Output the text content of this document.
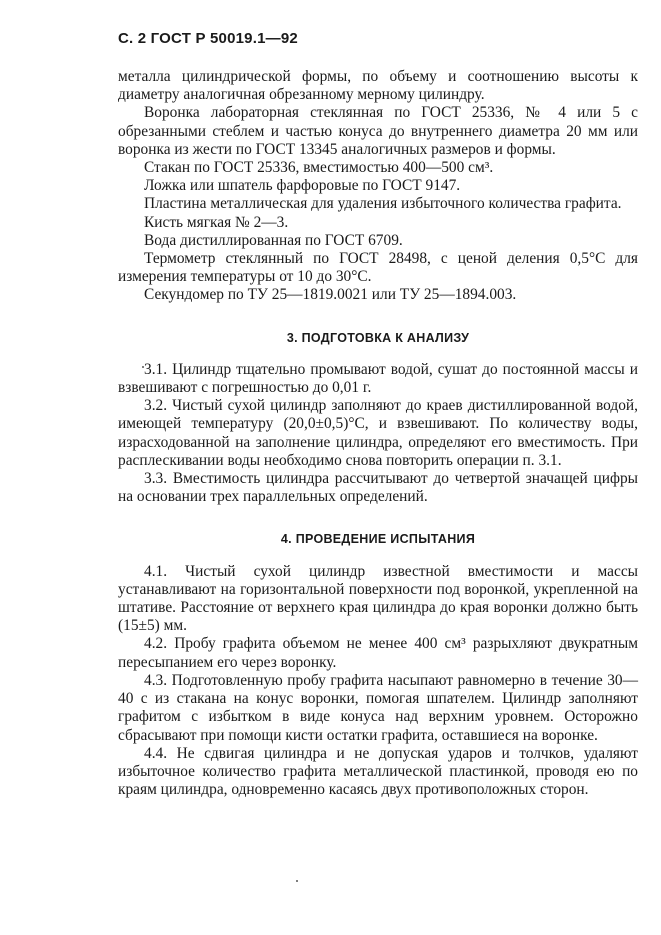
С. 2 ГОСТ Р 50019.1—92

металла цилиндрической формы, по объему и соотношению высоты к диаметру аналогичная обрезанному мерному цилиндру.

Воронка лабораторная стеклянная по ГОСТ 25336, № 4 или 5 с обрезанными стеблем и частью конуса до внутреннего диаметра 20 мм или воронка из жести по ГОСТ 13345 аналогичных размеров и формы.

Стакан по ГОСТ 25336, вместимостью 400—500 см³.

Ложка или шпатель фарфоровые по ГОСТ 9147.

Пластина металлическая для удаления избыточного количества графита.

Кисть мягкая № 2—3.

Вода дистиллированная по ГОСТ 6709.

Термометр стеклянный по ГОСТ 28498, с ценой деления 0,5°С для измерения температуры от 10 до 30°С.

Секундомер по ТУ 25—1819.0021 или ТУ 25—1894.003.

3. ПОДГОТОВКА К АНАЛИЗУ

3.1. Цилиндр тщательно промывают водой, сушат до постоянной массы и взвешивают с погрешностью до 0,01 г.

3.2. Чистый сухой цилиндр заполняют до краев дистиллированной водой, имеющей температуру (20,0±0,5)°С, и взвешивают. По количеству воды, израсходованной на заполнение цилиндра, определяют его вместимость. При расплескивании воды необходимо снова повторить операции п. 3.1.

3.3. Вместимость цилиндра рассчитывают до четвертой значащей цифры на основании трех параллельных определений.

4. ПРОВЕДЕНИЕ ИСПЫТАНИЯ

4.1. Чистый сухой цилиндр известной вместимости и массы устанавливают на горизонтальной поверхности под воронкой, укрепленной на штативе. Расстояние от верхнего края цилиндра до края воронки должно быть (15±5) мм.

4.2. Пробу графита объемом не менее 400 см³ разрыхляют двукратным пересыпанием его через воронку.

4.3. Подготовленную пробу графита насыпают равномерно в течение 30—40 с из стакана на конус воронки, помогая шпателем. Цилиндр заполняют графитом с избытком в виде конуса над верхним уровнем. Осторожно сбрасывают при помощи кисти остатки графита, оставшиеся на воронке.

4.4. Не сдвигая цилиндра и не допуская ударов и толчков, удаляют избыточное количество графита металлической пластинкой, проводя ею по краям цилиндра, одновременно касаясь двух противоположных сторон.
